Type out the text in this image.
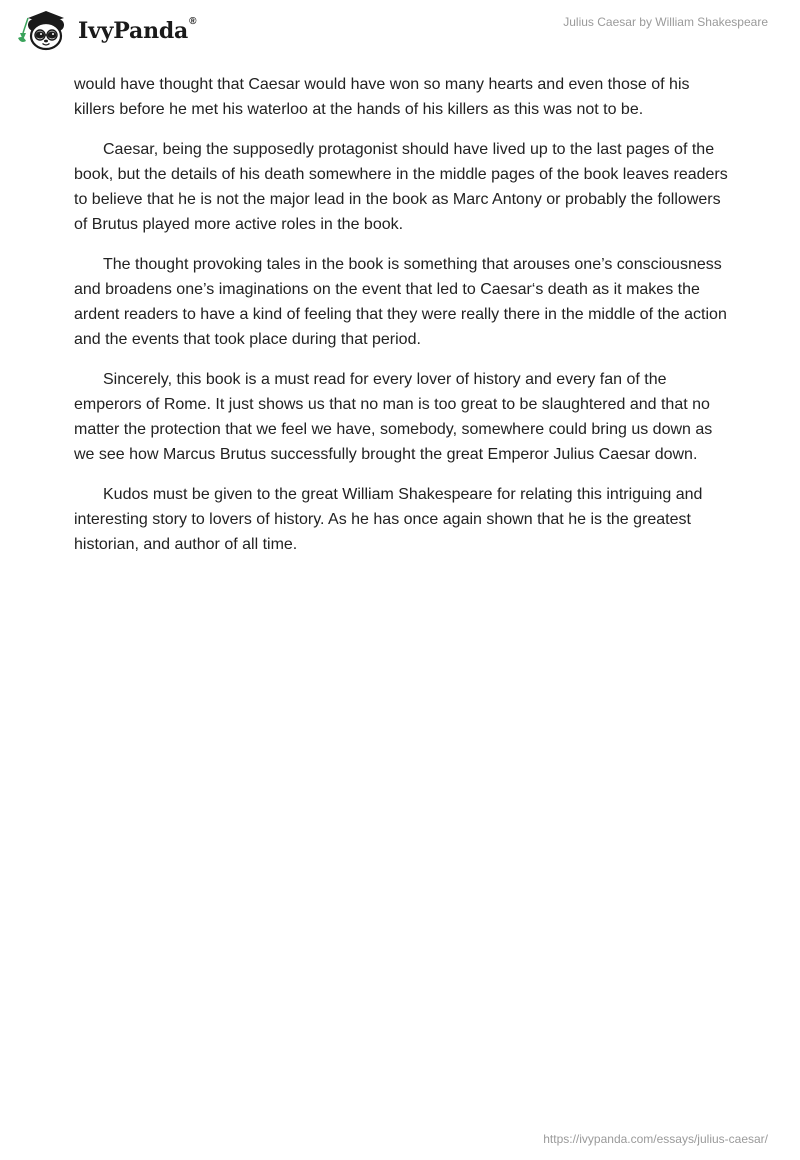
IvyPanda®	Julius Caesar by William Shakespeare

would have thought that Caesar would have won so many hearts and even those of his killers before he met his waterloo at the hands of his killers as this was not to be.

Caesar, being the supposedly protagonist should have lived up to the last pages of the book, but the details of his death somewhere in the middle pages of the book leaves readers to believe that he is not the major lead in the book as Marc Antony or probably the followers of Brutus played more active roles in the book.

The thought provoking tales in the book is something that arouses one’s consciousness and broadens one’s imaginations on the event that led to Caesar‘s death as it makes the ardent readers to have a kind of feeling that they were really there in the middle of the action and the events that took place during that period.

Sincerely, this book is a must read for every lover of history and every fan of the emperors of Rome. It just shows us that no man is too great to be slaughtered and that no matter the protection that we feel we have, somebody, somewhere could bring us down as we see how Marcus Brutus successfully brought the great Emperor Julius Caesar down.

Kudos must be given to the great William Shakespeare for relating this intriguing and interesting story to lovers of history. As he has once again shown that he is the greatest historian, and author of all time.

https://ivypanda.com/essays/julius-caesar/
